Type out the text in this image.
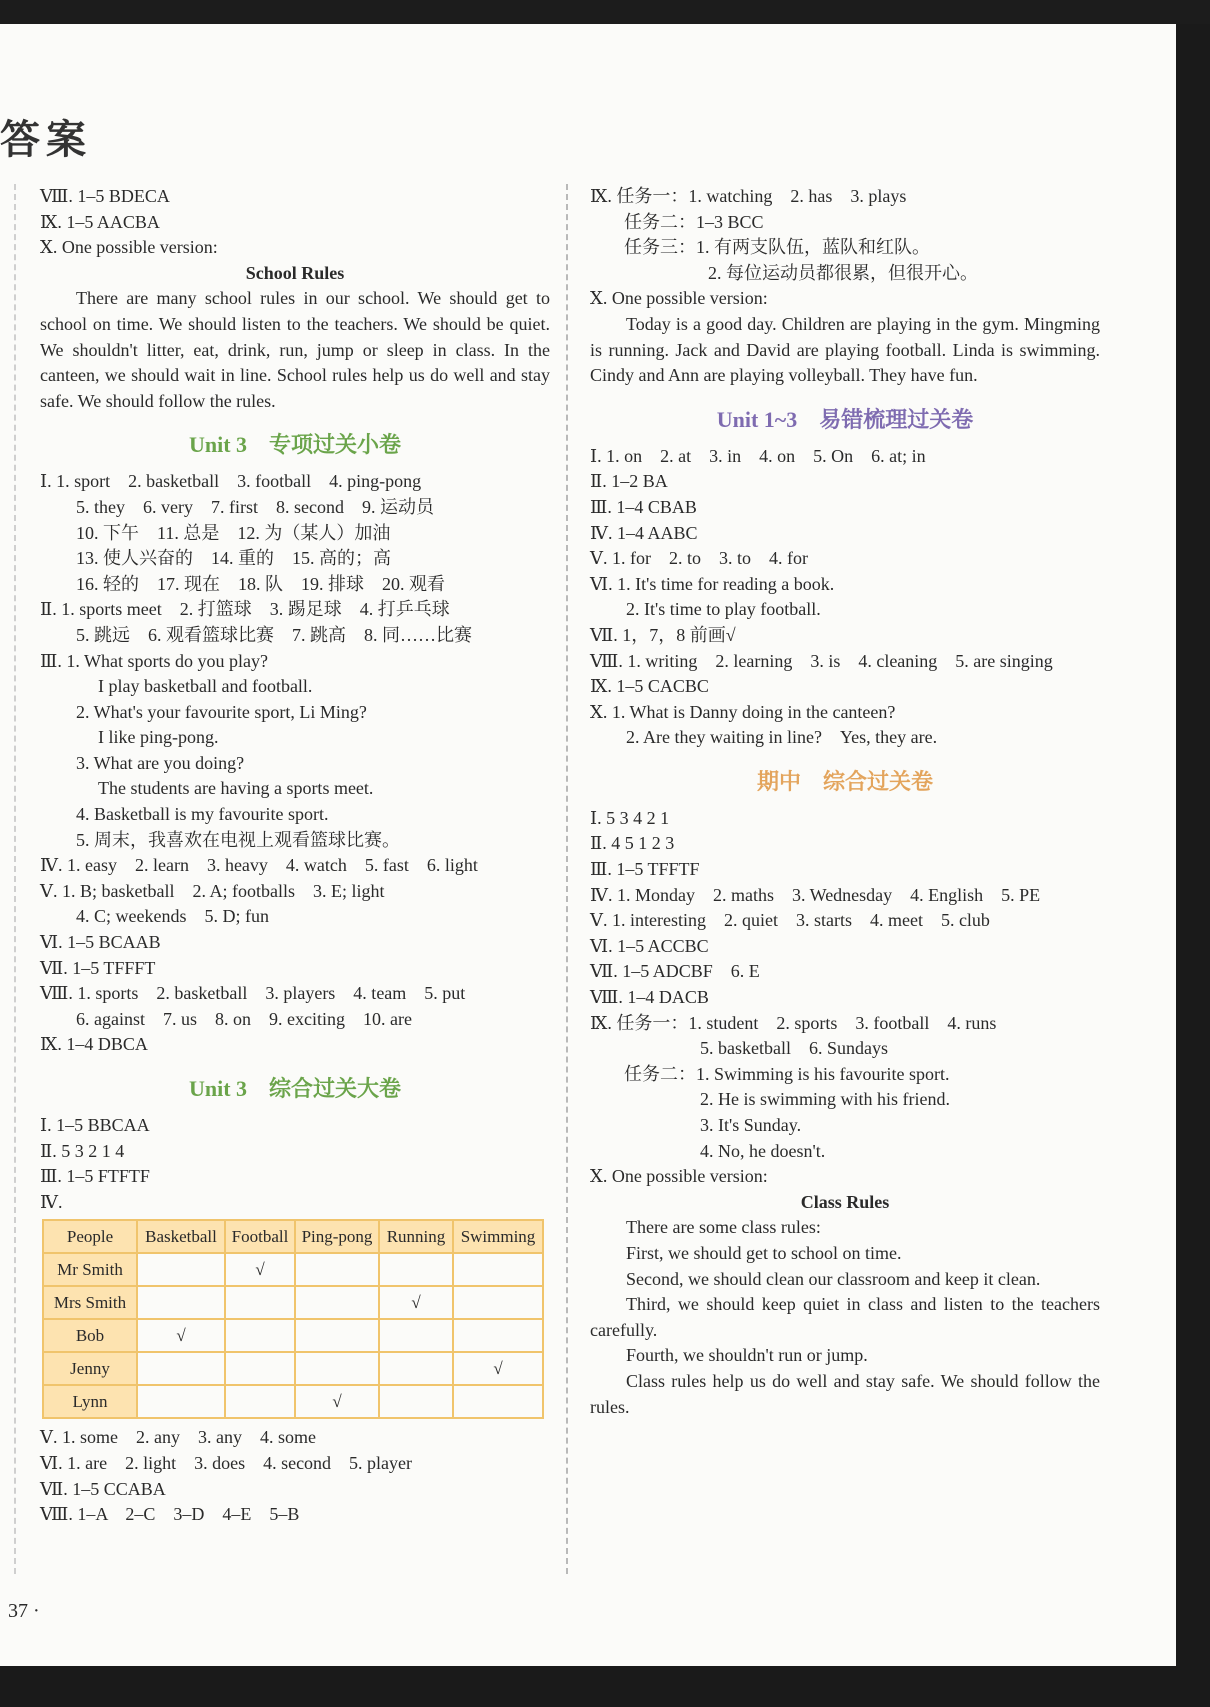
答案
Ⅷ. 1–5 BDECA
Ⅸ. 1–5 AACBA
Ⅹ. One possible version:
School Rules
There are many school rules in our school. We should get to school on time. We should listen to the teachers. We should be quiet. We shouldn't litter, eat, drink, run, jump or sleep in class. In the canteen, we should wait in line. School rules help us do well and stay safe. We should follow the rules.
Unit 3　专项过关小卷
Ⅰ. 1. sport　2. basketball　3. football　4. ping-pong
5. they　6. very　7. first　8. second　9. 运动员
10. 下午　11. 总是　12. 为（某人）加油
13. 使人兴奋的　14. 重的　15. 高的；高
16. 轻的　17. 现在　18. 队　19. 排球　20. 观看
Ⅱ. 1. sports meet　2. 打篮球　3. 踢足球　4. 打乒乓球
5. 跳远　6. 观看篮球比赛　7. 跳高　8. 同……比赛
Ⅲ. 1. What sports do you play?
I play basketball and football.
2. What's your favourite sport, Li Ming?
I like ping-pong.
3. What are you doing?
The students are having a sports meet.
4. Basketball is my favourite sport.
5. 周末，我喜欢在电视上观看篮球比赛。
Ⅳ. 1. easy　2. learn　3. heavy　4. watch　5. fast　6. light
Ⅴ. 1. B; basketball　2. A; footballs　3. E; light
4. C; weekends　5. D; fun
Ⅵ. 1–5 BCAAB
Ⅶ. 1–5 TFFFT
Ⅷ. 1. sports　2. basketball　3. players　4. team　5. put
6. against　7. us　8. on　9. exciting　10. are
Ⅸ. 1–4 DBCA
Unit 3　综合过关大卷
Ⅰ. 1–5 BBCAA
Ⅱ. 5 3 2 1 4
Ⅲ. 1–5 FTFTF
Ⅳ.
People	Basketball	Football	Ping-pong	Running	Swimming
Mr Smith		√			
Mrs Smith				√	
Bob	√				
Jenny					√
Lynn			√		
Ⅴ. 1. some　2. any　3. any　4. some
Ⅵ. 1. are　2. light　3. does　4. second　5. player
Ⅶ. 1–5 CCABA
Ⅷ. 1–A　2–C　3–D　4–E　5–B
Ⅸ. 任务一：1. watching　2. has　3. plays
任务二：1–3 BCC
任务三：1. 有两支队伍，蓝队和红队。
2. 每位运动员都很累，但很开心。
Ⅹ. One possible version:
Today is a good day. Children are playing in the gym. Mingming is running. Jack and David are playing football. Linda is swimming. Cindy and Ann are playing volleyball. They have fun.
Unit 1~3　易错梳理过关卷
Ⅰ. 1. on　2. at　3. in　4. on　5. On　6. at; in
Ⅱ. 1–2 BA
Ⅲ. 1–4 CBAB
Ⅳ. 1–4 AABC
Ⅴ. 1. for　2. to　3. to　4. for
Ⅵ. 1. It's time for reading a book.
2. It's time to play football.
Ⅶ. 1，7，8 前画√
Ⅷ. 1. writing　2. learning　3. is　4. cleaning　5. are singing
Ⅸ. 1–5 CACBC
Ⅹ. 1. What is Danny doing in the canteen?
2. Are they waiting in line?　Yes, they are.
期中　综合过关卷
Ⅰ. 5 3 4 2 1
Ⅱ. 4 5 1 2 3
Ⅲ. 1–5 TFFTF
Ⅳ. 1. Monday　2. maths　3. Wednesday　4. English　5. PE
Ⅴ. 1. interesting　2. quiet　3. starts　4. meet　5. club
Ⅵ. 1–5 ACCBC
Ⅶ. 1–5 ADCBF　6. E
Ⅷ. 1–4 DACB
Ⅸ. 任务一：1. student　2. sports　3. football　4. runs
5. basketball　6. Sundays
任务二：1. Swimming is his favourite sport.
2. He is swimming with his friend.
3. It's Sunday.
4. No, he doesn't.
Ⅹ. One possible version:
Class Rules
There are some class rules:
First, we should get to school on time.
Second, we should clean our classroom and keep it clean.
Third, we should keep quiet in class and listen to the teachers carefully.
Fourth, we shouldn't run or jump.
Class rules help us do well and stay safe. We should follow the rules.
37 ·
